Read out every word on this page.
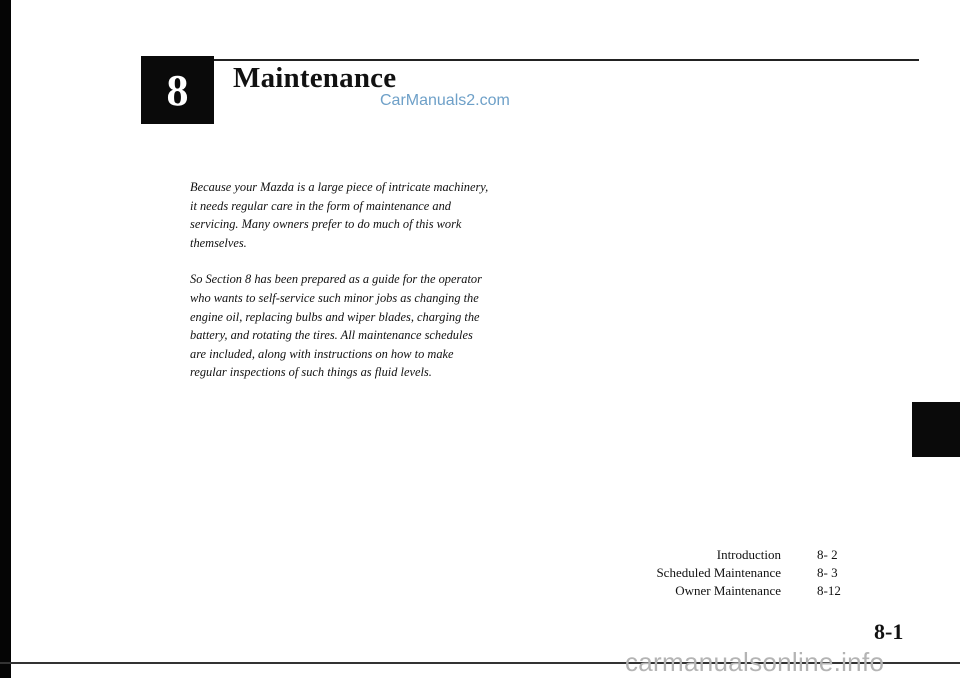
8 Maintenance
CarManuals2.com

Because your Mazda is a large piece of intricate machinery, it needs regular care in the form of maintenance and servicing. Many owners prefer to do much of this work themselves.

So Section 8 has been prepared as a guide for the operator who wants to self-service such minor jobs as changing the engine oil, replacing bulbs and wiper blades, charging the battery, and rotating the tires. All maintenance schedules are included, along with instructions on how to make regular inspections of such things as fluid levels.

Introduction	8- 2
Scheduled Maintenance	8- 3
Owner Maintenance	8-12
8-1
carmanualsonline.info
